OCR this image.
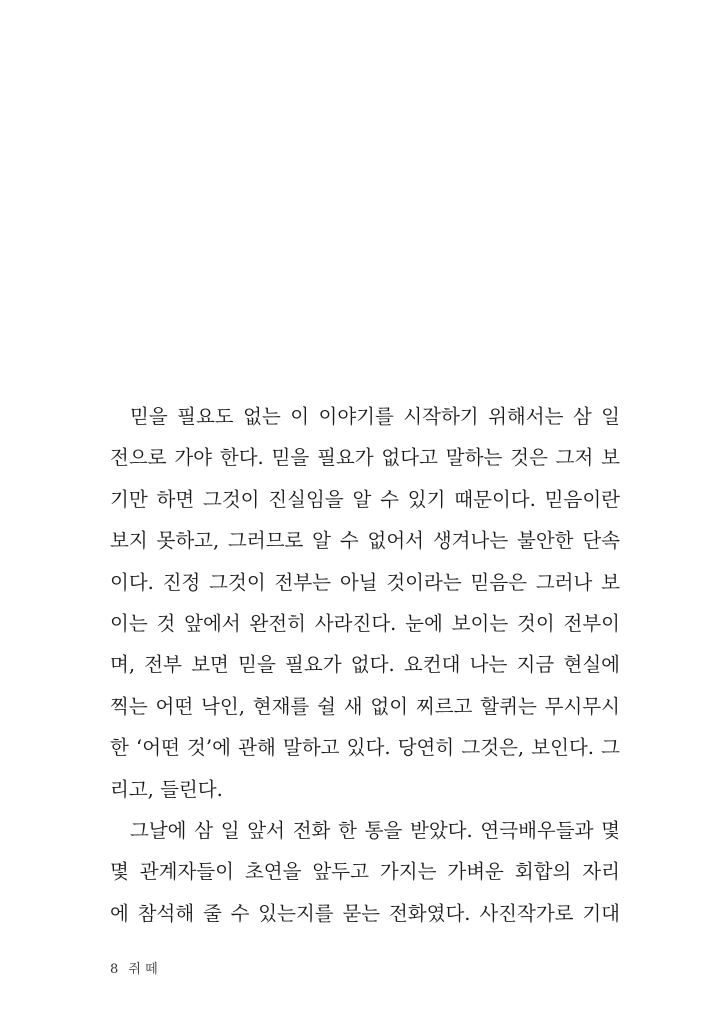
믿을 필요도 없는 이 이야기를 시작하기 위해서는 삼 일
전으로 가야 한다. 믿을 필요가 없다고 말하는 것은 그저 보
기만 하면 그것이 진실임을 알 수 있기 때문이다. 믿음이란
보지 못하고, 그러므로 알 수 없어서 생겨나는 불안한 단속
이다. 진정 그것이 전부는 아닐 것이라는 믿음은 그러나 보
이는 것 앞에서 완전히 사라진다. 눈에 보이는 것이 전부이
며, 전부 보면 믿을 필요가 없다. 요컨대 나는 지금 현실에
찍는 어떤 낙인, 현재를 쉴 새 없이 찌르고 할퀴는 무시무시
한 ‘어떤 것’에 관해 말하고 있다. 당연히 그것은, 보인다. 그
리고, 들린다.
그날에 삼 일 앞서 전화 한 통을 받았다. 연극배우들과 몇
몇 관계자들이 초연을 앞두고 가지는 가벼운 회합의 자리
에 참석해 줄 수 있는지를 묻는 전화였다. 사진작가로 기대
8 쥐 떼
